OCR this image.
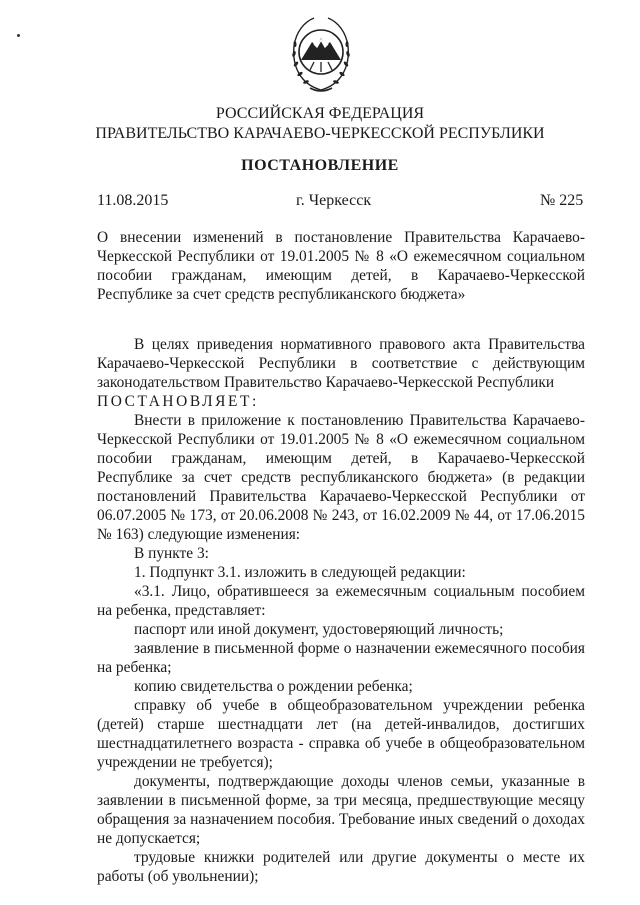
РОССИЙСКАЯ ФЕДЕРАЦИЯ
ПРАВИТЕЛЬСТВО КАРАЧАЕВО-ЧЕРКЕССКОЙ РЕСПУБЛИКИ
ПОСТАНОВЛЕНИЕ
11.08.2015	г. Черкесск	№ 225

О внесении изменений в постановление Правительства Карачаево-Черкесской Республики от 19.01.2005 № 8 «О ежемесячном социальном пособии гражданам, имеющим детей, в Карачаево-Черкесской Республике за счет средств республиканского бюджета»

В целях приведения нормативного правового акта Правительства Карачаево-Черкесской Республики в соответствие с действующим законодательством Правительство Карачаево-Черкесской Республики

ПОСТАНОВЛЯЕТ:

Внести в приложение к постановлению Правительства Карачаево-Черкесской Республики от 19.01.2005 № 8 «О ежемесячном социальном пособии гражданам, имеющим детей, в Карачаево-Черкесской Республике за счет средств республиканского бюджета» (в редакции постановлений Правительства Карачаево-Черкесской Республики от 06.07.2005 № 173, от 20.06.2008 № 243, от 16.02.2009 № 44, от 17.06.2015 № 163) следующие изменения:

В пункте 3:

1. Подпункт 3.1. изложить в следующей редакции:

«3.1. Лицо, обратившееся за ежемесячным социальным пособием на ребенка, представляет:

паспорт или иной документ, удостоверяющий личность;

заявление в письменной форме о назначении ежемесячного пособия на ребенка;

копию свидетельства о рождении ребенка;

справку об учебе в общеобразовательном учреждении ребенка (детей) старше шестнадцати лет (на детей-инвалидов, достигших шестнадцатилетнего возраста - справка об учебе в общеобразовательном учреждении не требуется);

документы, подтверждающие доходы членов семьи, указанные в заявлении в письменной форме, за три месяца, предшествующие месяцу обращения за назначением пособия. Требование иных сведений о доходах не допускается;

трудовые книжки родителей или другие документы о месте их работы (об увольнении);
